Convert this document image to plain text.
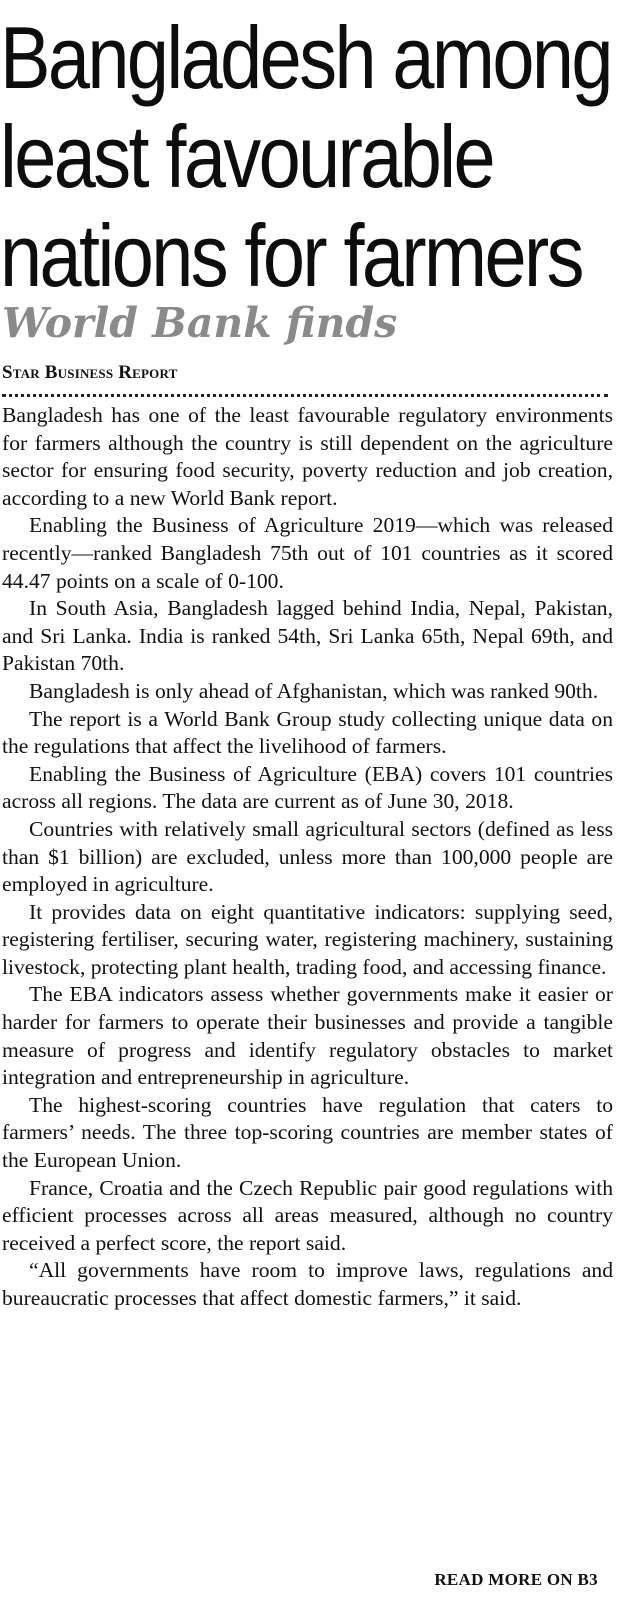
Bangladesh among
least favourable
nations for farmers
World Bank finds
Star Business Report

Bangladesh has one of the least favourable regulatory environments for farmers although the country is still dependent on the agriculture sector for ensuring food security, poverty reduction and job creation, according to a new World Bank report.

Enabling the Business of Agriculture 2019—which was released recently—ranked Bangladesh 75th out of 101 countries as it scored 44.47 points on a scale of 0-100.

In South Asia, Bangladesh lagged behind India, Nepal, Pakistan, and Sri Lanka. India is ranked 54th, Sri Lanka 65th, Nepal 69th, and Pakistan 70th.

Bangladesh is only ahead of Afghanistan, which was ranked 90th.

The report is a World Bank Group study collecting unique data on the regulations that affect the livelihood of farmers.

Enabling the Business of Agriculture (EBA) covers 101 countries across all regions. The data are current as of June 30, 2018.

Countries with relatively small agricultural sectors (defined as less than $1 billion) are excluded, unless more than 100,000 people are employed in agriculture.

It provides data on eight quantitative indicators: supplying seed, registering fertiliser, securing water, registering machinery, sustaining livestock, protecting plant health, trading food, and accessing finance.

The EBA indicators assess whether governments make it easier or harder for farmers to operate their businesses and provide a tangible measure of progress and identify regulatory obstacles to market integration and entrepreneurship in agriculture.

The highest-scoring countries have regulation that caters to farmers’ needs. The three top-scoring countries are member states of the European Union.

France, Croatia and the Czech Republic pair good regulations with efficient processes across all areas measured, although no country received a perfect score, the report said.

“All governments have room to improve laws, regulations and bureaucratic processes that affect domestic farmers,” it said.

READ MORE ON B3
